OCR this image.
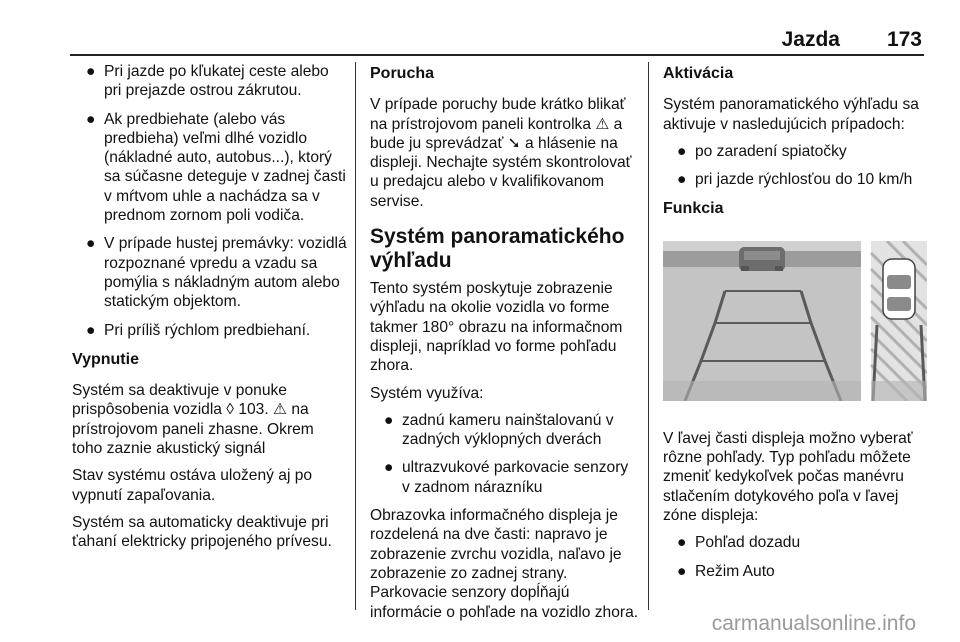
Jazda 173
● Pri jazde po kľukatej ceste alebo pri prejazde ostrou zákrutou.
● Ak predbiehate (alebo vás predbieha) veľmi dlhé vozidlo (nákladné auto, autobus...), ktorý sa súčasne deteguje v zadnej časti v mŕtvom uhle a nachádza sa v prednom zornom poli vodiča.
● V prípade hustej premávky: vozidlá rozpoznané vpredu a vzadu sa pomýlia s nákladným autom alebo statickým objektom.
● Pri príliš rýchlom predbiehaní.
Vypnutie

Systém sa deaktivuje v ponuke prispôsobenia vozidla ◊ 103. ⚠ na prístrojovom paneli zhasne. Okrem toho zaznie akustický signál

Stav systému ostáva uložený aj po vypnutí zapaľovania.

Systém sa automaticky deaktivuje pri ťahaní elektricky pripojeného prívesu.

Porucha

V prípade poruchy bude krátko blikať na prístrojovom paneli kontrolka ⚠ a bude ju sprevádzať ➘ a hlásenie na displeji. Nechajte systém skontrolovať u predajcu alebo v kvalifikovanom servise.

Systém panoramatického výhľadu

Tento systém poskytuje zobrazenie výhľadu na okolie vozidla vo forme takmer 180° obrazu na informačnom displeji, napríklad vo forme pohľadu zhora.

Systém využíva:

● zadnú kameru nainštalovanú v zadných výklopných dverách
● ultrazvukové parkovacie senzory v zadnom nárazníku

Obrazovka informačného displeja je rozdelená na dve časti: napravo je zobrazenie zvrchu vozidla, naľavo je zobrazenie zo zadnej strany. Parkovacie senzory dopĺňajú informácie o pohľade na vozidlo zhora.

Aktivácia

Systém panoramatického výhľadu sa aktivuje v nasledujúcich prípadoch:

● po zaradení spiatočky
● pri jazde rýchlosťou do 10 km/h
Funkcia

V ľavej časti displeja možno vyberať rôzne pohľady. Typ pohľadu môžete zmeniť kedykoľvek počas manévru stlačením dotykového poľa v ľavej zóne displeja:

● Pohľad dozadu
● Režim Auto
carmanualsonline.info
